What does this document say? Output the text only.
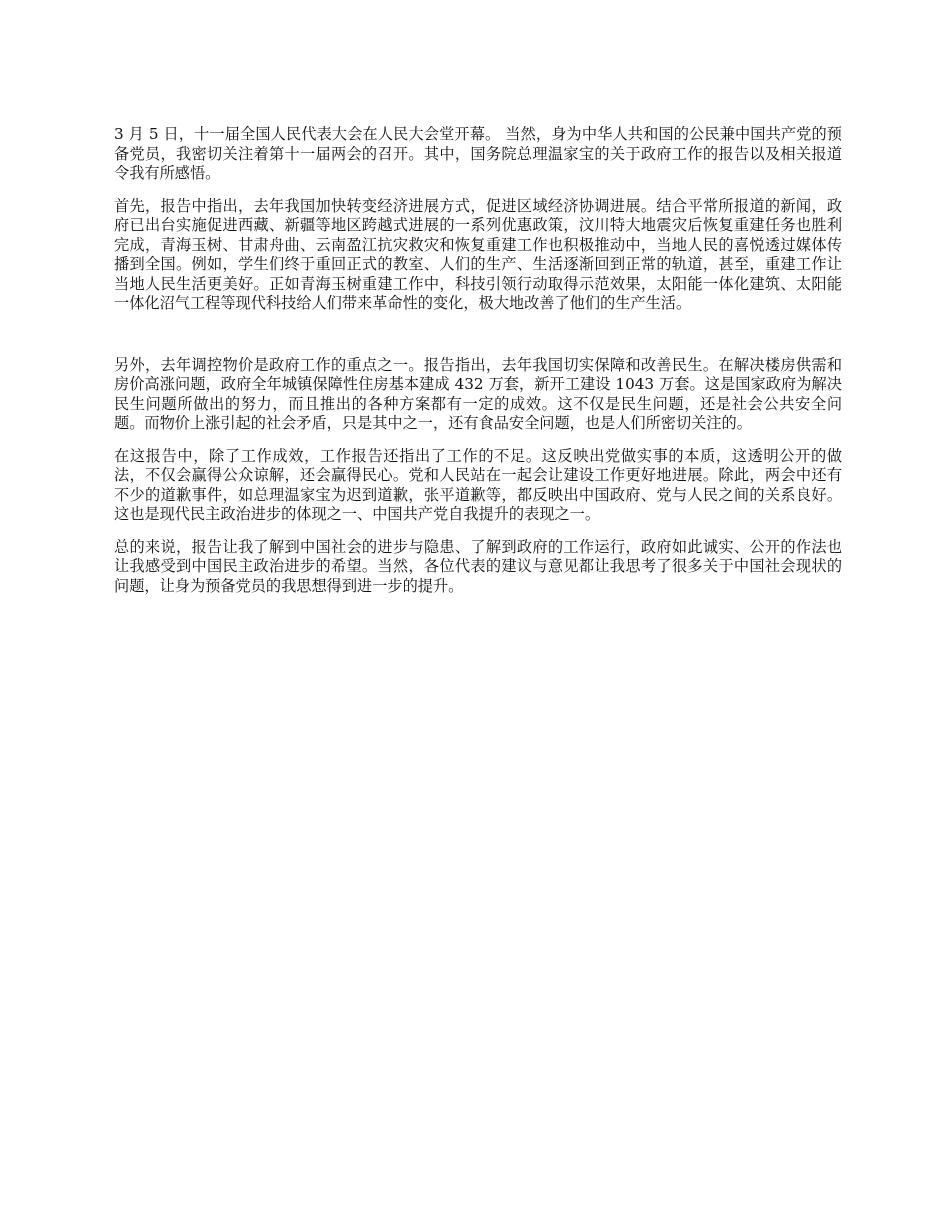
3 月 5 日，十一届全国人民代表大会在人民大会堂开幕。 当然，身为中华人共和国的公民兼中国共产党的预备党员，我密切关注着第十一届两会的召开。其中，国务院总理温家宝的关于政府工作的报告以及相关报道令我有所感悟。

首先，报告中指出，去年我国加快转变经济进展方式，促进区域经济协调进展。结合平常所报道的新闻，政府已出台实施促进西藏、新疆等地区跨越式进展的一系列优惠政策，汶川特大地震灾后恢复重建任务也胜利完成，青海玉树、甘肃舟曲、云南盈江抗灾救灾和恢复重建工作也积极推动中，当地人民的喜悦透过媒体传播到全国。例如，学生们终于重回正式的教室、人们的生产、生活逐渐回到正常的轨道，甚至，重建工作让当地人民生活更美好。正如青海玉树重建工作中，科技引领行动取得示范效果，太阳能一体化建筑、太阳能一体化沼气工程等现代科技给人们带来革命性的变化，极大地改善了他们的生产生活。

另外，去年调控物价是政府工作的重点之一。报告指出，去年我国切实保障和改善民生。在解决楼房供需和房价高涨问题，政府全年城镇保障性住房基本建成 432 万套，新开工建设 1043 万套。这是国家政府为解决民生问题所做出的努力，而且推出的各种方案都有一定的成效。这不仅是民生问题，还是社会公共安全问题。而物价上涨引起的社会矛盾，只是其中之一，还有食品安全问题，也是人们所密切关注的。

在这报告中，除了工作成效，工作报告还指出了工作的不足。这反映出党做实事的本质，这透明公开的做法，不仅会赢得公众谅解，还会赢得民心。党和人民站在一起会让建设工作更好地进展。除此，两会中还有不少的道歉事件，如总理温家宝为迟到道歉，张平道歉等，都反映出中国政府、党与人民之间的关系良好。这也是现代民主政治进步的体现之一、中国共产党自我提升的表现之一。

总的来说，报告让我了解到中国社会的进步与隐患、了解到政府的工作运行，政府如此诚实、公开的作法也让我感受到中国民主政治进步的希望。当然，各位代表的建议与意见都让我思考了很多关于中国社会现状的问题，让身为预备党员的我思想得到进一步的提升。
